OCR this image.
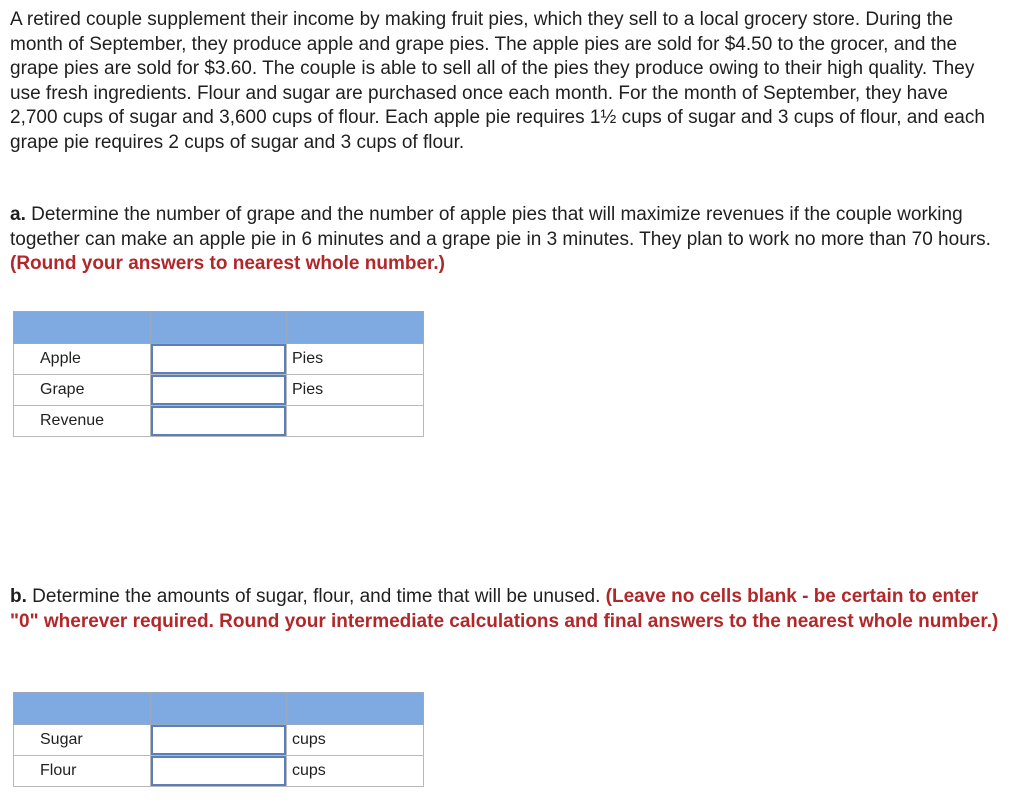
A retired couple supplement their income by making fruit pies, which they sell to a local grocery store. During the month of September, they produce apple and grape pies. The apple pies are sold for $4.50 to the grocer, and the grape pies are sold for $3.60. The couple is able to sell all of the pies they produce owing to their high quality. They use fresh ingredients. Flour and sugar are purchased once each month. For the month of September, they have 2,700 cups of sugar and 3,600 cups of flour. Each apple pie requires 1½ cups of sugar and 3 cups of flour, and each grape pie requires 2 cups of sugar and 3 cups of flour.

a. Determine the number of grape and the number of apple pies that will maximize revenues if the couple working together can make an apple pie in 6 minutes and a grape pie in 3 minutes. They plan to work no more than 70 hours. (Round your answers to nearest whole number.)

Apple		Pies
Grape		Pies
Revenue	

b. Determine the amounts of sugar, flour, and time that will be unused. (Leave no cells blank - be certain to enter "0" wherever required. Round your intermediate calculations and final answers to the nearest whole number.)

Sugar		cups
Flour		cups
